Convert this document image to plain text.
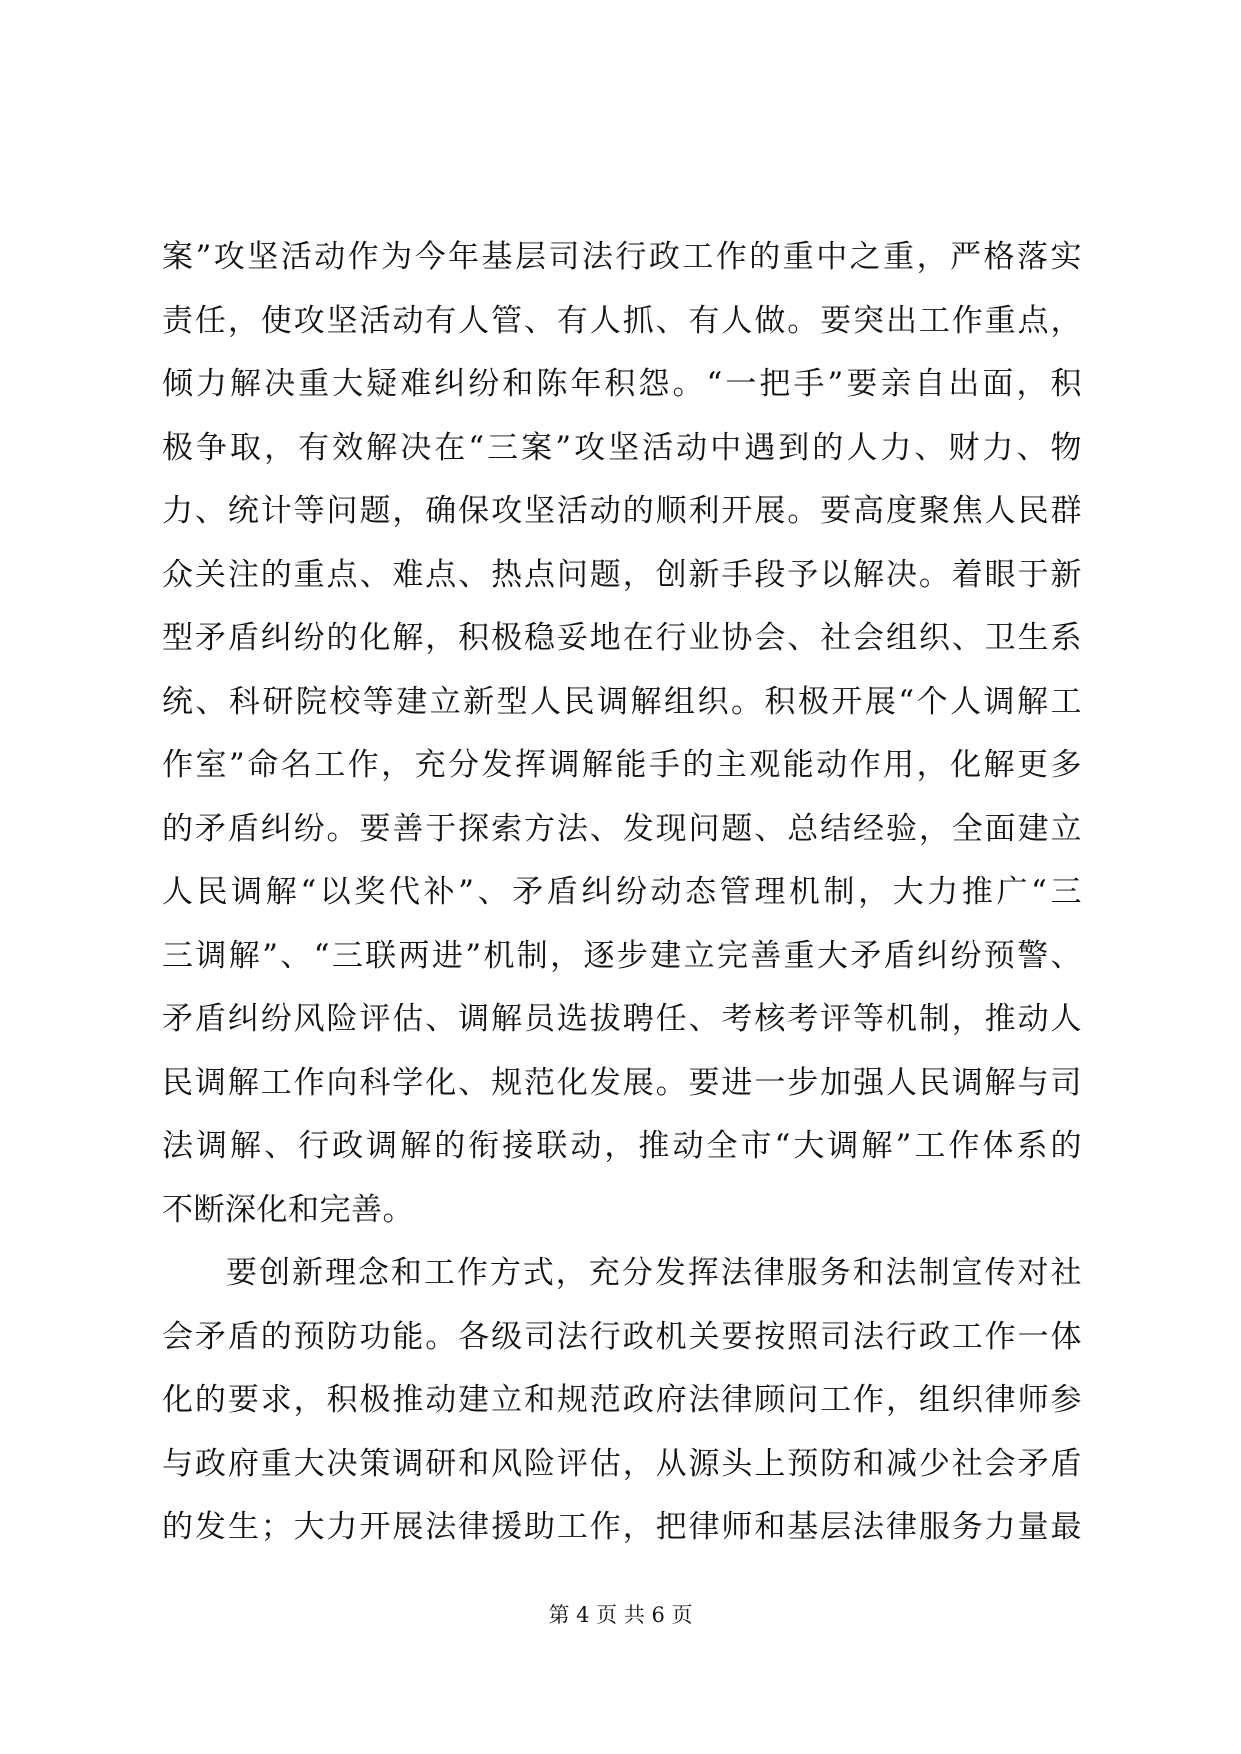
案”攻坚活动作为今年基层司法行政工作的重中之重，严格落实
责任，使攻坚活动有人管、有人抓、有人做。要突出工作重点，
倾力解决重大疑难纠纷和陈年积怨。“一把手”要亲自出面，积
极争取，有效解决在“三案”攻坚活动中遇到的人力、财力、物
力、统计等问题，确保攻坚活动的顺利开展。要高度聚焦人民群
众关注的重点、难点、热点问题，创新手段予以解决。着眼于新
型矛盾纠纷的化解，积极稳妥地在行业协会、社会组织、卫生系
统、科研院校等建立新型人民调解组织。积极开展“个人调解工
作室”命名工作，充分发挥调解能手的主观能动作用，化解更多
的矛盾纠纷。要善于探索方法、发现问题、总结经验，全面建立
人民调解“以奖代补”、矛盾纠纷动态管理机制，大力推广“三
三调解”、“三联两进”机制，逐步建立完善重大矛盾纠纷预警、
矛盾纠纷风险评估、调解员选拔聘任、考核考评等机制，推动人
民调解工作向科学化、规范化发展。要进一步加强人民调解与司
法调解、行政调解的衔接联动，推动全市“大调解”工作体系的
不断深化和完善。
要创新理念和工作方式，充分发挥法律服务和法制宣传对社
会矛盾的预防功能。各级司法行政机关要按照司法行政工作一体
化的要求，积极推动建立和规范政府法律顾问工作，组织律师参
与政府重大决策调研和风险评估，从源头上预防和减少社会矛盾
的发生；大力开展法律援助工作，把律师和基层法律服务力量最
第 4 页 共 6 页
